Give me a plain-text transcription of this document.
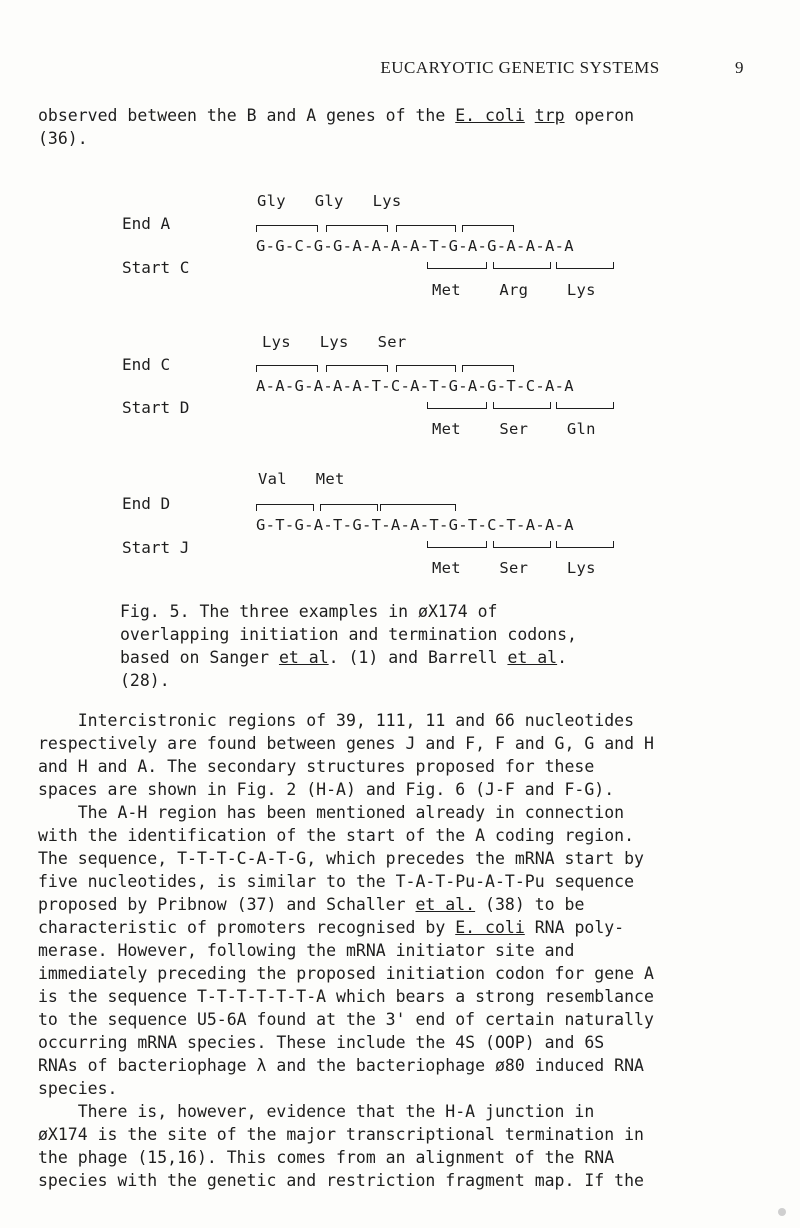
EUCARYOTIC GENETIC SYSTEMS	9
observed between the B and A genes of the E. coli trp operon
(36).
Gly   Gly   Lys
End A
G-G-C-G-G-A-A-A-A-T-G-A-G-A-A-A-A
Start C
Met    Arg    Lys
Lys   Lys   Ser
End C
A-A-G-A-A-A-T-C-A-T-G-A-G-T-C-A-A
Start D
Met    Ser    Gln
Val   Met
End D
G-T-G-A-T-G-T-A-A-T-G-T-C-T-A-A-A
Start J
Met    Ser    Lys
Fig. 5. The three examples in øX174 of
overlapping initiation and termination codons,
based on Sanger et al. (1) and Barrell et al.
(28).
Intercistronic regions of 39, 111, 11 and 66 nucleotides
respectively are found between genes J and F, F and G, G and H
and H and A. The secondary structures proposed for these
spaces are shown in Fig. 2 (H-A) and Fig. 6 (J-F and F-G).
The A-H region has been mentioned already in connection
with the identification of the start of the A coding region.
The sequence, T-T-T-C-A-T-G, which precedes the mRNA start by
five nucleotides, is similar to the T-A-T-Pu-A-T-Pu sequence
proposed by Pribnow (37) and Schaller et al. (38) to be
characteristic of promoters recognised by E. coli RNA poly-
merase. However, following the mRNA initiator site and
immediately preceding the proposed initiation codon for gene A
is the sequence T-T-T-T-T-T-A which bears a strong resemblance
to the sequence U5-6A found at the 3' end of certain naturally
occurring mRNA species. These include the 4S (OOP) and 6S
RNAs of bacteriophage λ and the bacteriophage ø80 induced RNA
species.
There is, however, evidence that the H-A junction in
øX174 is the site of the major transcriptional termination in
the phage (15,16). This comes from an alignment of the RNA
species with the genetic and restriction fragment map. If the
